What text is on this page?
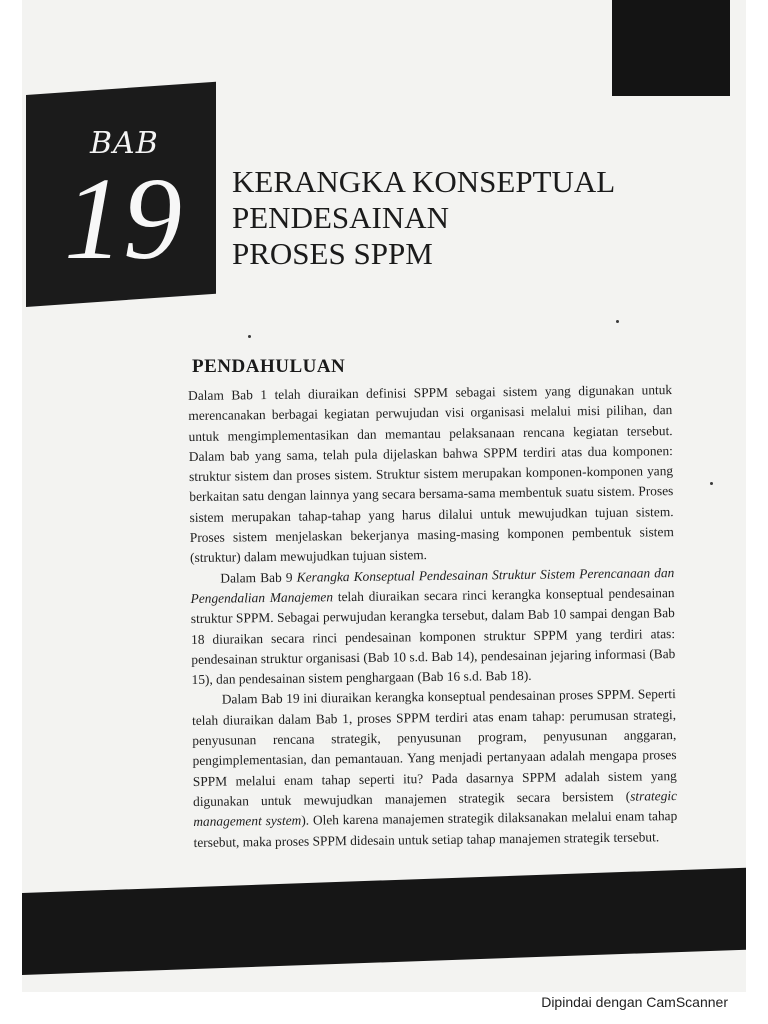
BAB
19 KERANGKA KONSEPTUAL
PENDESAINAN
PROSES SPPM
PENDAHULUAN

Dalam Bab 1 telah diuraikan definisi SPPM sebagai sistem yang digunakan untuk merencanakan berbagai kegiatan perwujudan visi organisasi melalui misi pilihan, dan untuk mengimplementasikan dan memantau pelaksanaan rencana kegiatan tersebut. Dalam bab yang sama, telah pula dijelaskan bahwa SPPM terdiri atas dua komponen: struktur sistem dan proses sistem. Struktur sistem merupakan komponen-komponen yang berkaitan satu dengan lainnya yang secara bersama-sama membentuk suatu sistem. Proses sistem merupakan tahap-tahap yang harus dilalui untuk mewujudkan tujuan sistem. Proses sistem menjelaskan bekerjanya masing-masing komponen pembentuk sistem (struktur) dalam mewujudkan tujuan sistem.

Dalam Bab 9 Kerangka Konseptual Pendesainan Struktur Sistem Perencanaan dan Pengendalian Manajemen telah diuraikan secara rinci kerangka konseptual pendesainan struktur SPPM. Sebagai perwujudan kerangka tersebut, dalam Bab 10 sampai dengan Bab 18 diuraikan secara rinci pendesainan komponen struktur SPPM yang terdiri atas: pendesainan struktur organisasi (Bab 10 s.d. Bab 14), pendesainan jejaring informasi (Bab 15), dan pendesainan sistem penghargaan (Bab 16 s.d. Bab 18).

Dalam Bab 19 ini diuraikan kerangka konseptual pendesainan proses SPPM. Seperti telah diuraikan dalam Bab 1, proses SPPM terdiri atas enam tahap: perumusan strategi, penyusunan rencana strategik, penyusunan program, penyusunan anggaran, pengimplementasian, dan pemantauan. Yang menjadi pertanyaan adalah mengapa proses SPPM melalui enam tahap seperti itu? Pada dasarnya SPPM adalah sistem yang digunakan untuk mewujudkan manajemen strategik secara bersistem (strategic management system). Oleh karena manajemen strategik dilaksanakan melalui enam tahap tersebut, maka proses SPPM didesain untuk setiap tahap manajemen strategik tersebut.

Dipindai dengan CamScanner
